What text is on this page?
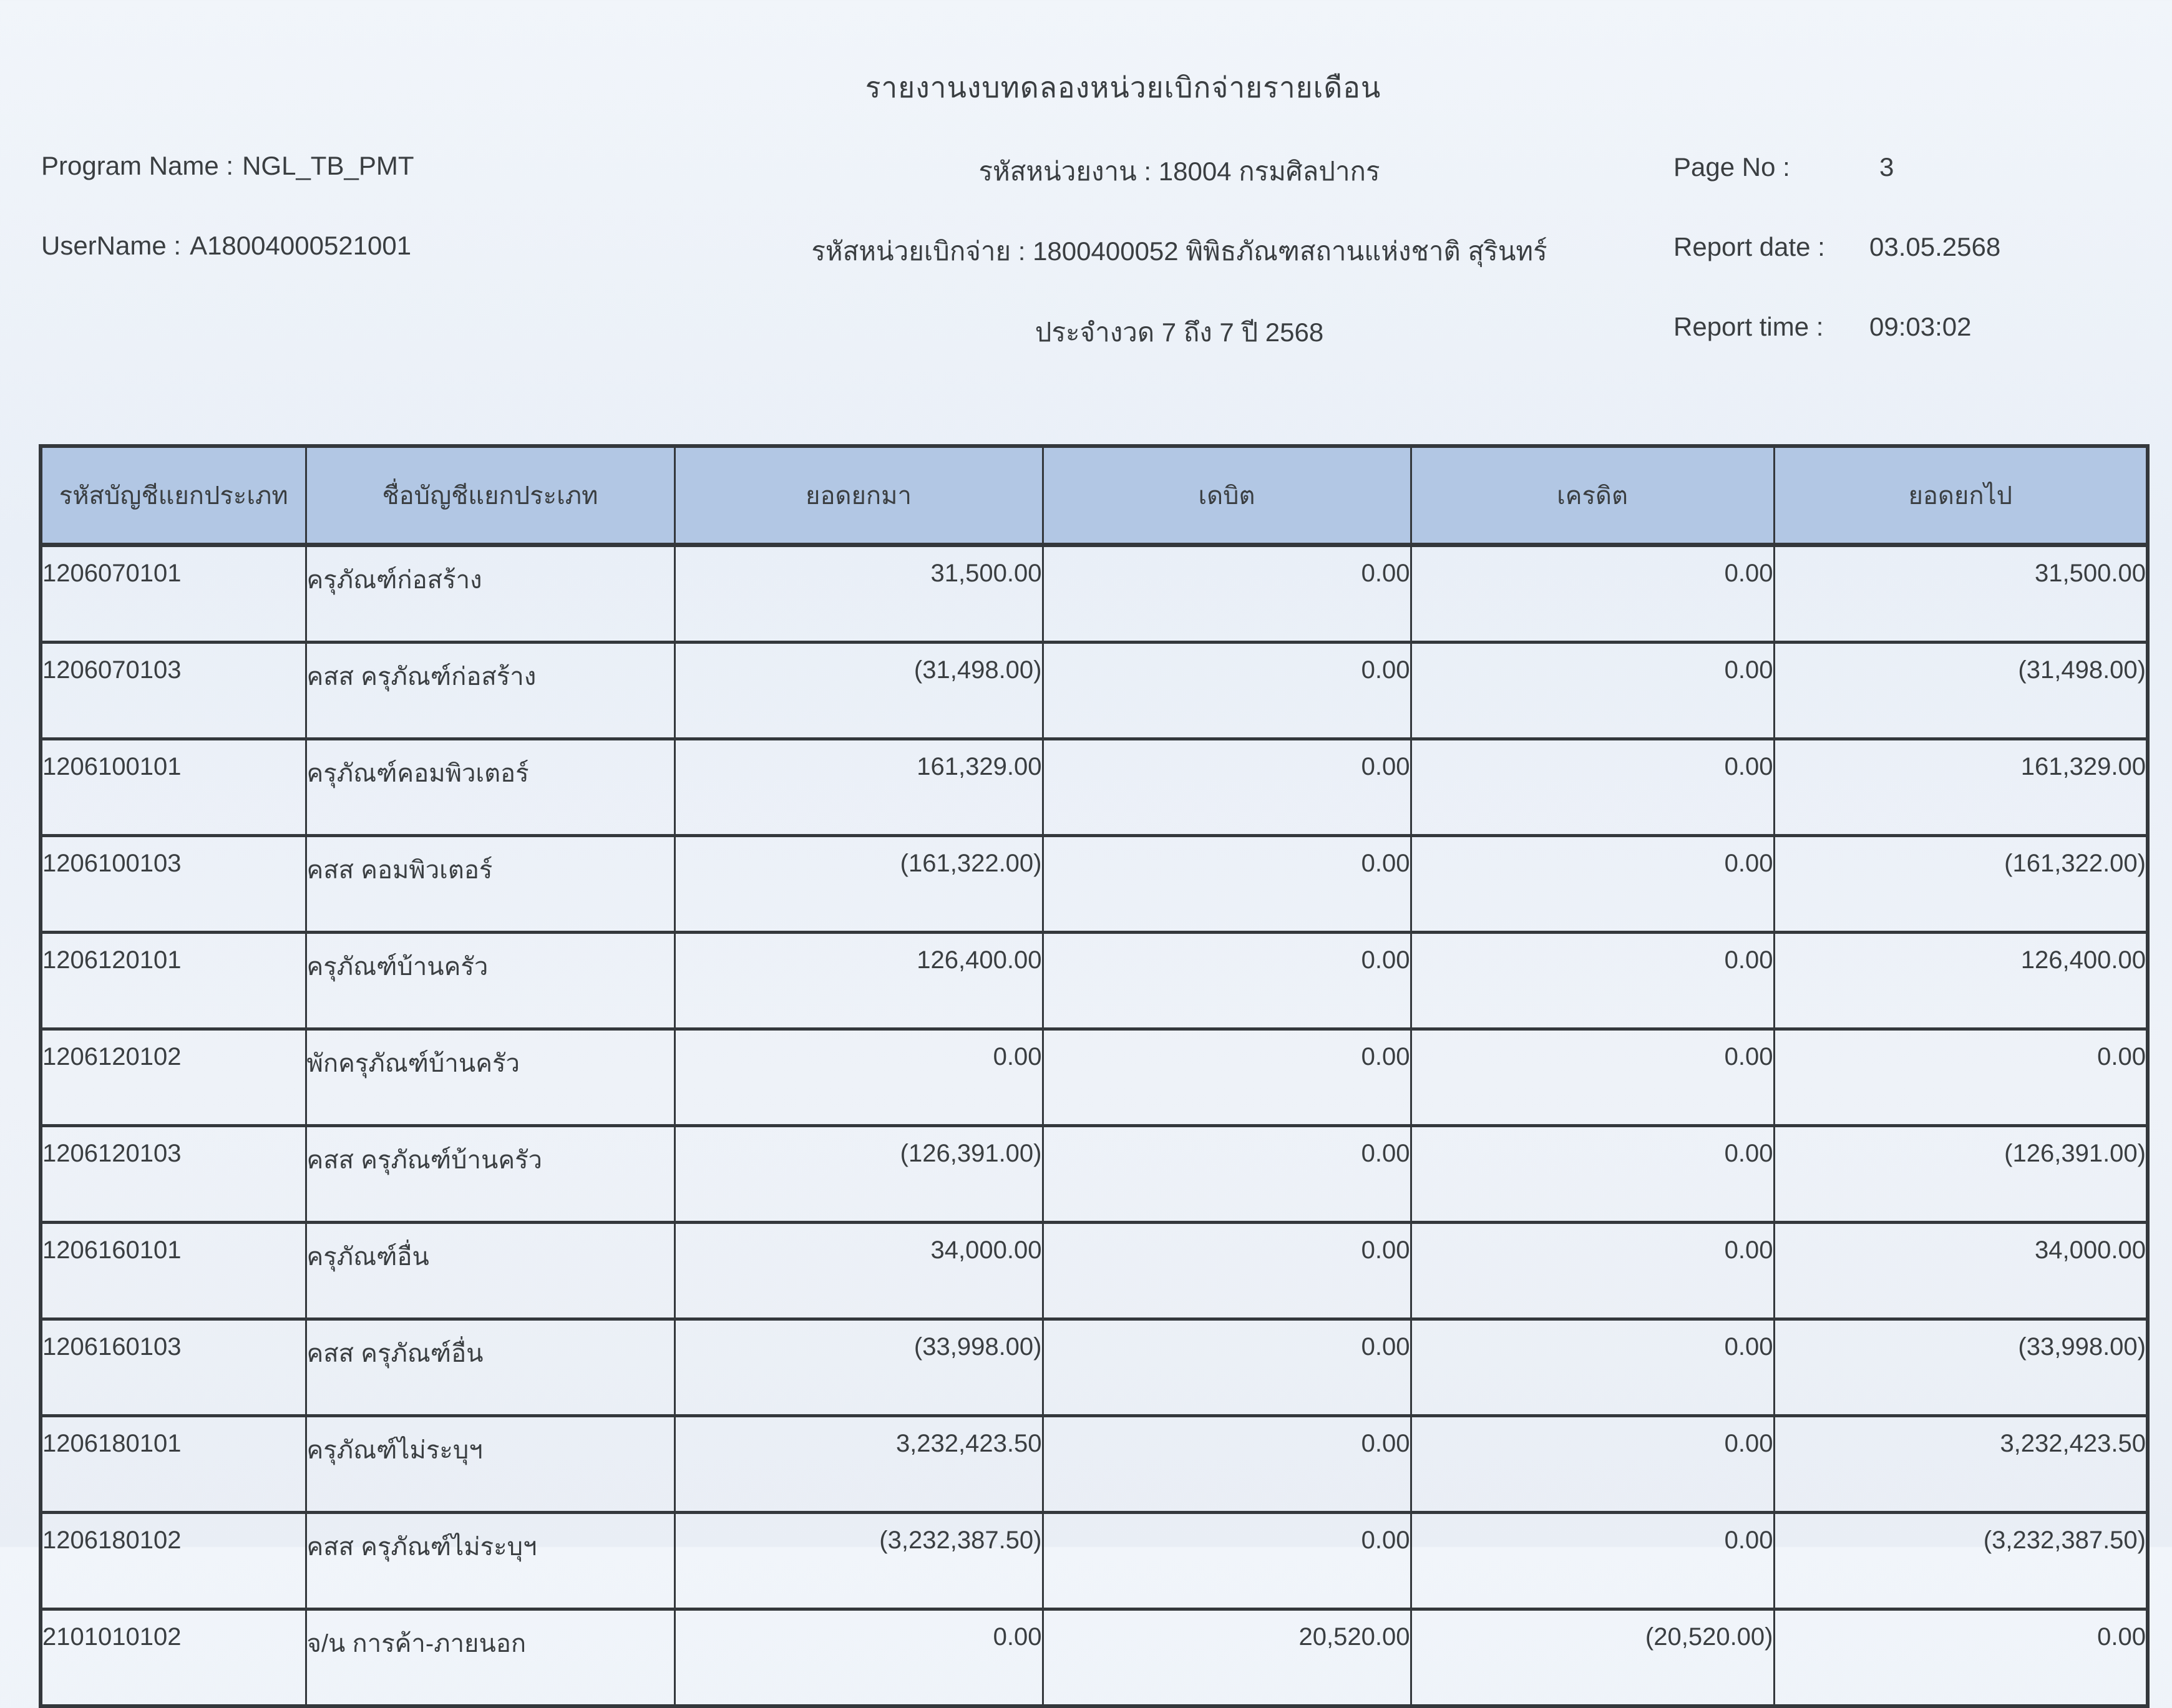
รายงานงบทดลองหน่วยเบิกจ่ายรายเดือน
Program Name : NGL_TB_PMT
UserName : A18004000521001
รหัสหน่วยงาน : 18004 กรมศิลปากร
รหัสหน่วยเบิกจ่าย : 1800400052 พิพิธภัณฑสถานแห่งชาติ สุรินทร์
ประจำงวด 7 ถึง 7 ปี 2568
Page No :	3
Report date : 03.05.2568
Report time : 09:03:02
รหัสบัญชีแยกประเภท	ชื่อบัญชีแยกประเภท	ยอดยกมา	เดบิต	เครดิต	ยอดยกไป
1206070101	ครุภัณฑ์ก่อสร้าง	31,500.00	0.00	0.00	31,500.00
1206070103	คสส ครุภัณฑ์ก่อสร้าง	(31,498.00)	0.00	0.00	(31,498.00)
1206100101	ครุภัณฑ์คอมพิวเตอร์	161,329.00	0.00	0.00	161,329.00
1206100103	คสส คอมพิวเตอร์	(161,322.00)	0.00	0.00	(161,322.00)
1206120101	ครุภัณฑ์บ้านครัว	126,400.00	0.00	0.00	126,400.00
1206120102	พักครุภัณฑ์บ้านครัว	0.00	0.00	0.00	0.00
1206120103	คสส ครุภัณฑ์บ้านครัว	(126,391.00)	0.00	0.00	(126,391.00)
1206160101	ครุภัณฑ์อื่น	34,000.00	0.00	0.00	34,000.00
1206160103	คสส ครุภัณฑ์อื่น	(33,998.00)	0.00	0.00	(33,998.00)
1206180101	ครุภัณฑ์ไม่ระบุฯ	3,232,423.50	0.00	0.00	3,232,423.50
1206180102	คสส ครุภัณฑ์ไม่ระบุฯ	(3,232,387.50)	0.00	0.00	(3,232,387.50)
2101010102	จ/น การค้า-ภายนอก	0.00	20,520.00	(20,520.00)	0.00
